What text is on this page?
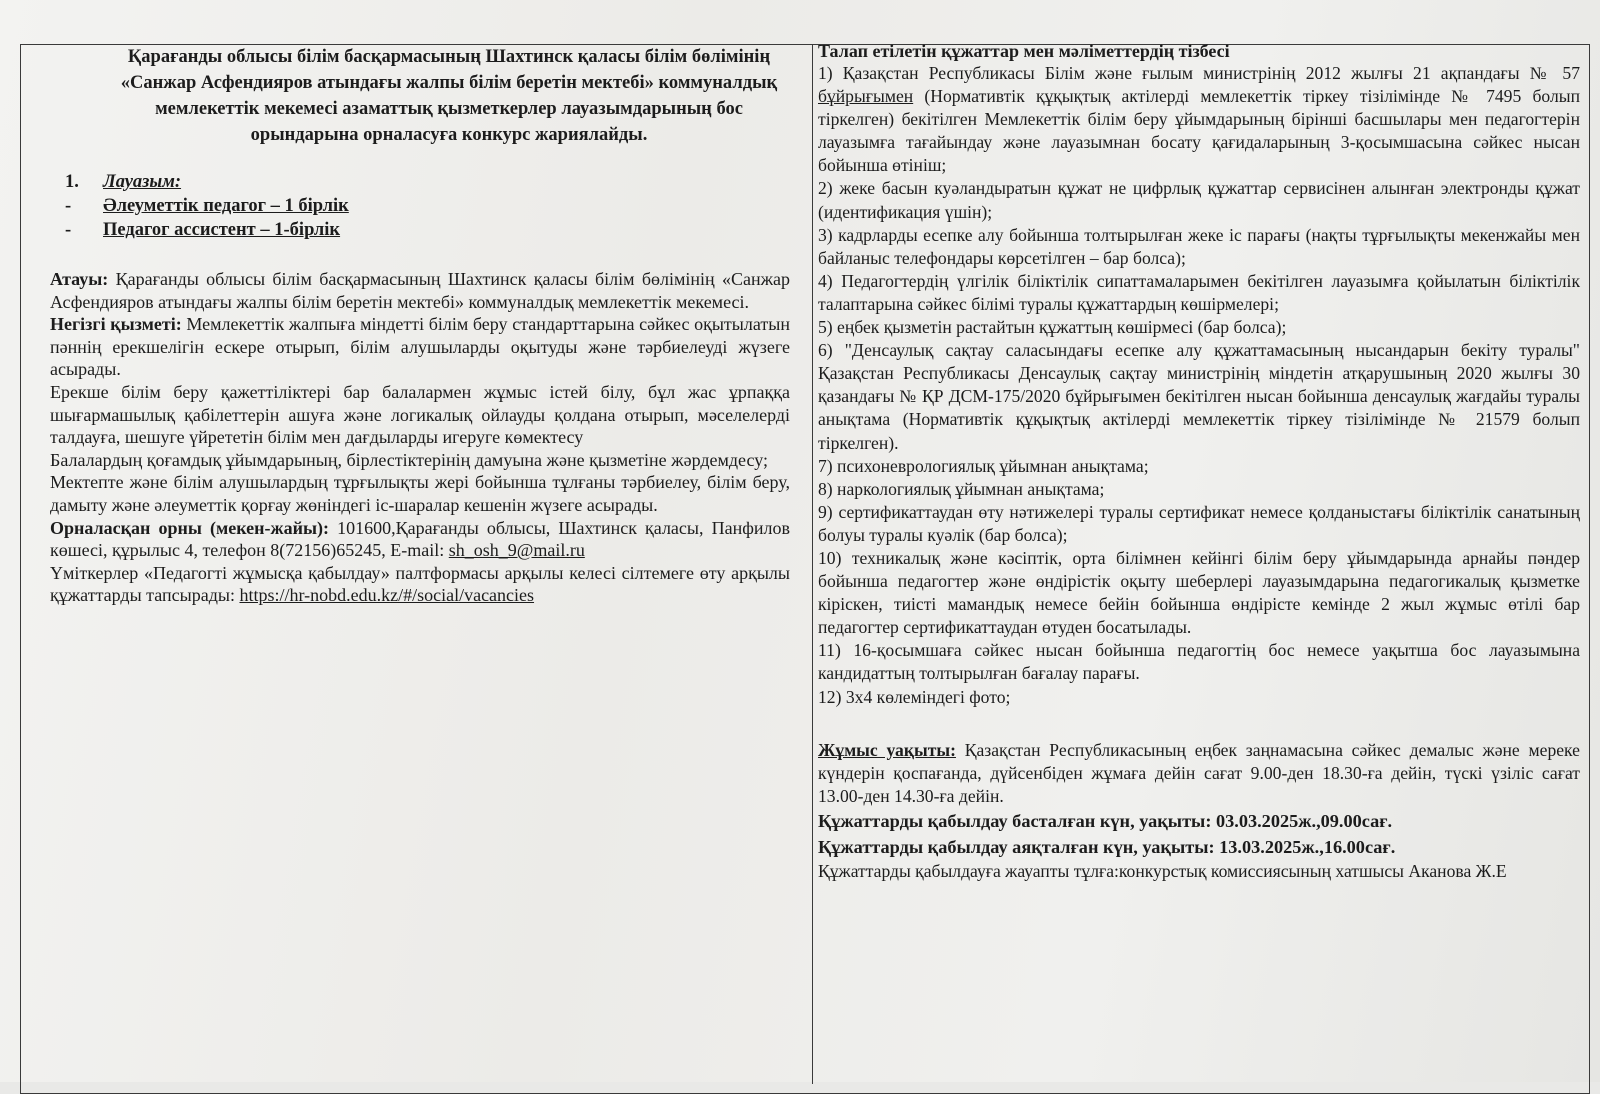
Қарағанды облысы білім басқармасының Шахтинск қаласы білім бөлімінің «Санжар Асфендияров атындағы жалпы білім беретін мектебі» коммуналдық мемлекеттік мекемесі азаматтық қызметкерлер лауазымдарының бос орындарына орналасуға конкурс жариялайды.

1.	Лауазым:
-	Әлеуметтік педагог – 1 бірлік
-	Педагог ассистент – 1-бірлік

Атауы: Қарағанды облысы білім басқармасының Шахтинск қаласы білім бөлімінің «Санжар Асфендияров атындағы жалпы білім беретін мектебі» коммуналдық мемлекеттік мекемесі.

Негізгі қызметі: Мемлекеттік жалпыға міндетті білім беру стандарттарына сәйкес оқытылатын пәннің ерекшелігін ескере отырып, білім алушыларды оқытуды және тәрбиелеуді жүзеге асырады.

Ерекше білім беру қажеттіліктері бар балалармен жұмыс істей білу, бұл жас ұрпаққа шығармашылық қабілеттерін ашуға және логикалық ойлауды қолдана отырып, мәселелерді талдауға, шешуге үйрететін білім мен дағдыларды игеруге көмектесу

Балалардың қоғамдық ұйымдарының, бірлестіктерінің дамуына және қызметіне жәрдемдесу;

Мектепте және білім алушылардың тұрғылықты жері бойынша тұлғаны тәрбиелеу, білім беру, дамыту және әлеуметтік қорғау жөніндегі іс-шаралар кешенін жүзеге асырады.

Орналасқан орны (мекен-жайы): 101600,Қарағанды облысы, Шахтинск қаласы, Панфилов көшесі, құрылыс 4, телефон 8(72156)65245, E-mail: sh_osh_9@mail.ru

Үміткерлер «Педагогті жұмысқа қабылдау» палтформасы арқылы келесі сілтемеге өту арқылы құжаттарды тапсырады: https://hr-nobd.edu.kz/#/social/vacancies

Талап етілетін құжаттар мен мәліметтердің тізбесі

1) Қазақстан Республикасы Білім және ғылым министрінің 2012 жылғы 21 ақпандағы № 57 бұйрығымен (Нормативтік құқықтық актілерді мемлекеттік тіркеу тізілімінде № 7495 болып тіркелген) бекітілген Мемлекеттік білім беру ұйымдарының бірінші басшылары мен педагогтерін лауазымға тағайындау және лауазымнан босату қағидаларының 3-қосымшасына сәйкес нысан бойынша өтініш;

2) жеке басын куәландыратын құжат не цифрлық құжаттар сервисінен алынған электронды құжат (идентификация үшін);

3) кадрларды есепке алу бойынша толтырылған жеке іс парағы (нақты тұрғылықты мекенжайы мен байланыс телефондары көрсетілген – бар болса);

4) Педагогтердің үлгілік біліктілік сипаттамаларымен бекітілген лауазымға қойылатын біліктілік талаптарына сәйкес білімі туралы құжаттардың көшірмелері;

5) еңбек қызметін растайтын құжаттың көшірмесі (бар болса);

6) "Денсаулық сақтау саласындағы есепке алу құжаттамасының нысандарын бекіту туралы" Қазақстан Республикасы Денсаулық сақтау министрінің міндетін атқарушының 2020 жылғы 30 қазандағы № ҚР ДСМ-175/2020 бұйрығымен бекітілген нысан бойынша денсаулық жағдайы туралы анықтама (Нормативтік құқықтық актілерді мемлекеттік тіркеу тізілімінде № 21579 болып тіркелген).

7) психоневрологиялық ұйымнан анықтама;

8) наркологиялық ұйымнан анықтама;

9) сертификаттаудан өту нәтижелері туралы сертификат немесе қолданыстағы біліктілік санатының болуы туралы куәлік (бар болса);

10) техникалық және кәсіптік, орта білімнен кейінгі білім беру ұйымдарында арнайы пәндер бойынша педагогтер және өндірістік оқыту шеберлері лауазымдарына педагогикалық қызметке кіріскен, тиісті мамандық немесе бейін бойынша өндірісте кемінде 2 жыл жұмыс өтілі бар педагогтер сертификаттаудан өтуден босатылады.

11) 16-қосымшаға сәйкес нысан бойынша педагогтің бос немесе уақытша бос лауазымына кандидаттың толтырылған бағалау парағы.

12) 3х4 көлеміндегі фото;

Жұмыс уақыты: Қазақстан Республикасының еңбек заңнамасына сәйкес демалыс және мереке күндерін қоспағанда, дүйсенбіден жұмаға дейін сағат 9.00-ден 18.30-ға дейін, түскі үзіліс сағат 13.00-ден 14.30-ға дейін.

Құжаттарды қабылдау басталған күн, уақыты: 03.03.2025ж.,09.00сағ.

Құжаттарды қабылдау аяқталған күн, уақыты: 13.03.2025ж.,16.00сағ.

Құжаттарды қабылдауға жауапты тұлға:конкурстық комиссиясының хатшысы Аканова Ж.Е
